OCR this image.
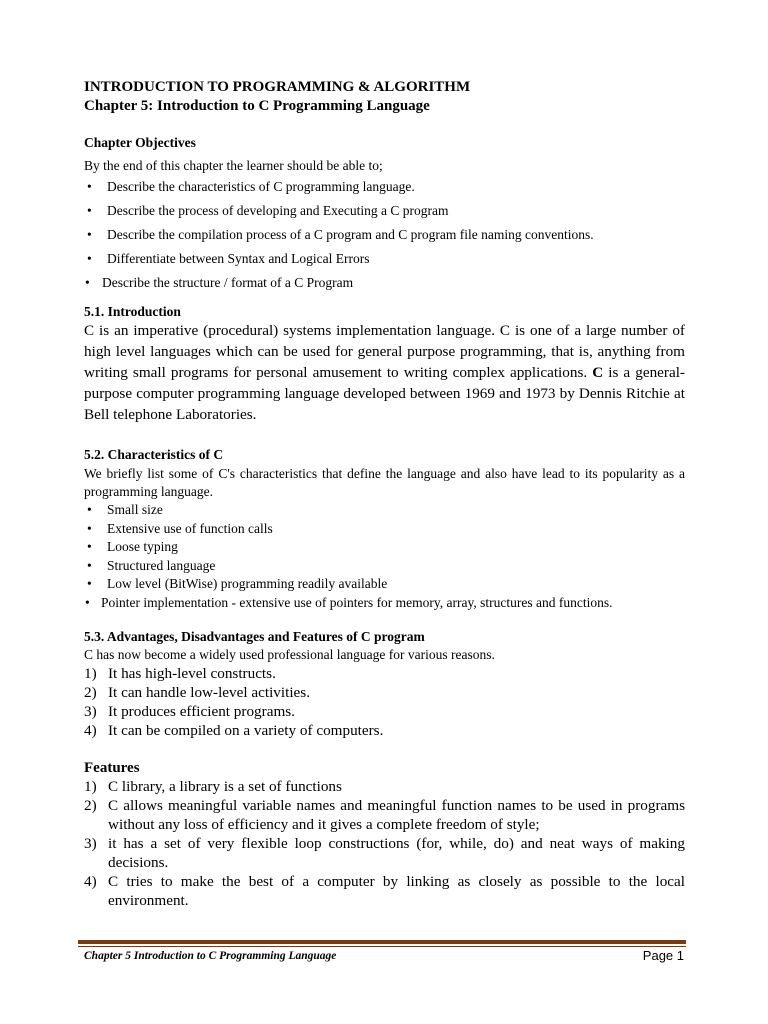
INTRODUCTION TO PROGRAMMING & ALGORITHM

Chapter 5: Introduction to C Programming Language

Chapter Objectives

By the end of this chapter the learner should be able to;

• Describe the characteristics of C programming language.
• Describe the process of developing and Executing a C program
• Describe the compilation process of a C program and C program file naming conventions.
• Differentiate between Syntax and Logical Errors
• Describe the structure / format of a C Program

5.1. Introduction

C is an imperative (procedural) systems implementation language. C is one of a large number of high level languages which can be used for general purpose programming, that is, anything from writing small programs for personal amusement to writing complex applications. C is a general-purpose computer programming language developed between 1969 and 1973 by Dennis Ritchie at Bell telephone Laboratories.

5.2. Characteristics of C

We briefly list some of C's characteristics that define the language and also have lead to its popularity as a programming language.

• Small size
• Extensive use of function calls
• Loose typing
• Structured language
• Low level (BitWise) programming readily available
• Pointer implementation - extensive use of pointers for memory, array, structures and functions.

5.3. Advantages, Disadvantages and Features of C program

C has now become a widely used professional language for various reasons.

1) It has high-level constructs.
2) It can handle low-level activities.
3) It produces efficient programs.
4) It can be compiled on a variety of computers.

Features

1) C library, a library is a set of functions
2) C allows meaningful variable names and meaningful function names to be used in programs without any loss of efficiency and it gives a complete freedom of style;
3) it has a set of very flexible loop constructions (for, while, do) and neat ways of making decisions.
4) C tries to make the best of a computer by linking as closely as possible to the local environment.
Chapter 5 Introduction to C Programming Language	Page 1
